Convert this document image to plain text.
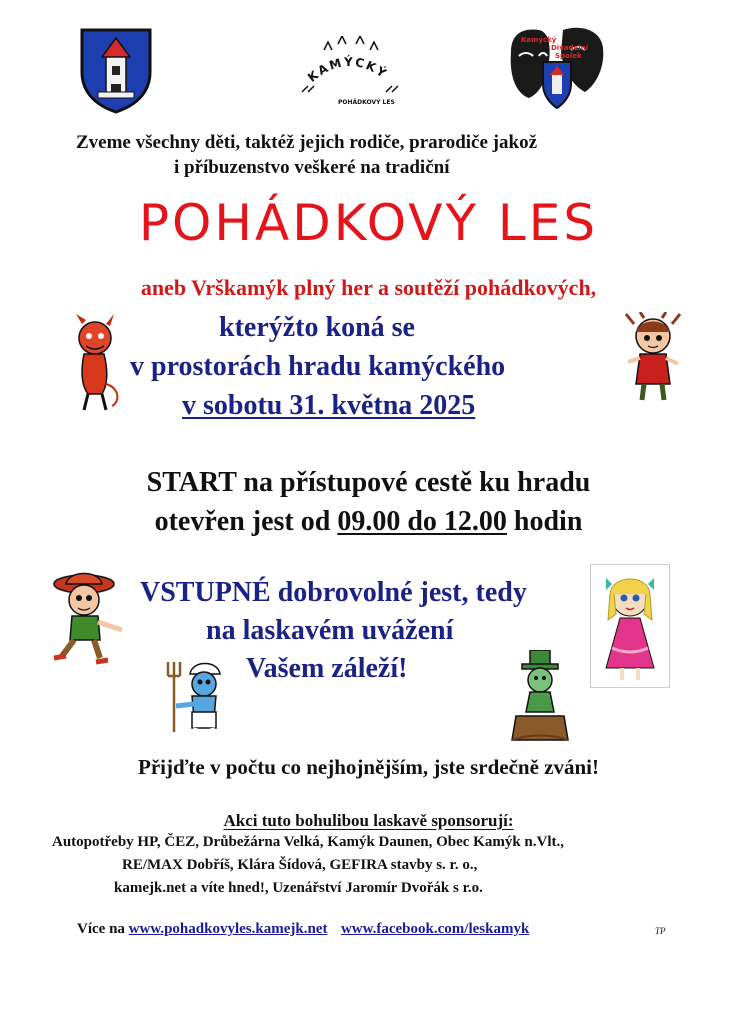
KAMÝCKÝ
POHÁDKOVÝ LES
Kamýcký
Divadelní
Spolek
Zveme všechny děti, taktéž jejich rodiče, prarodiče jakož
i příbuzenstvo veškeré na tradiční
POHÁDKOVÝ LES
aneb Vrškamýk plný her a soutěží pohádkových,
kterýžto koná se
v prostorách hradu kamýckého
v sobotu 31. května 2025
START na přístupové cestě ku hradu
otevřen jest od 09.00 do 12.00 hodin
VSTUPNÉ dobrovolné jest, tedy
na laskavém uvážení
Vašem záleží!
Přijďte v počtu co nejhojnějším, jste srdečně zváni!
Akci tuto bohulibou laskavě sponsorují:
Autopotřeby HP, ČEZ, Drůbežárna Velká, Kamýk Daunen, Obec Kamýk n.Vlt.,
RE/MAX Dobříš, Klára Šídová, GEFIRA stavby s. r. o.,
kamejk.net a víte hned!, Uzenářství Jaromír Dvořák s r.o.
Více na www.pohadkovyles.kamejk.net www.facebook.com/leskamyk	TP
